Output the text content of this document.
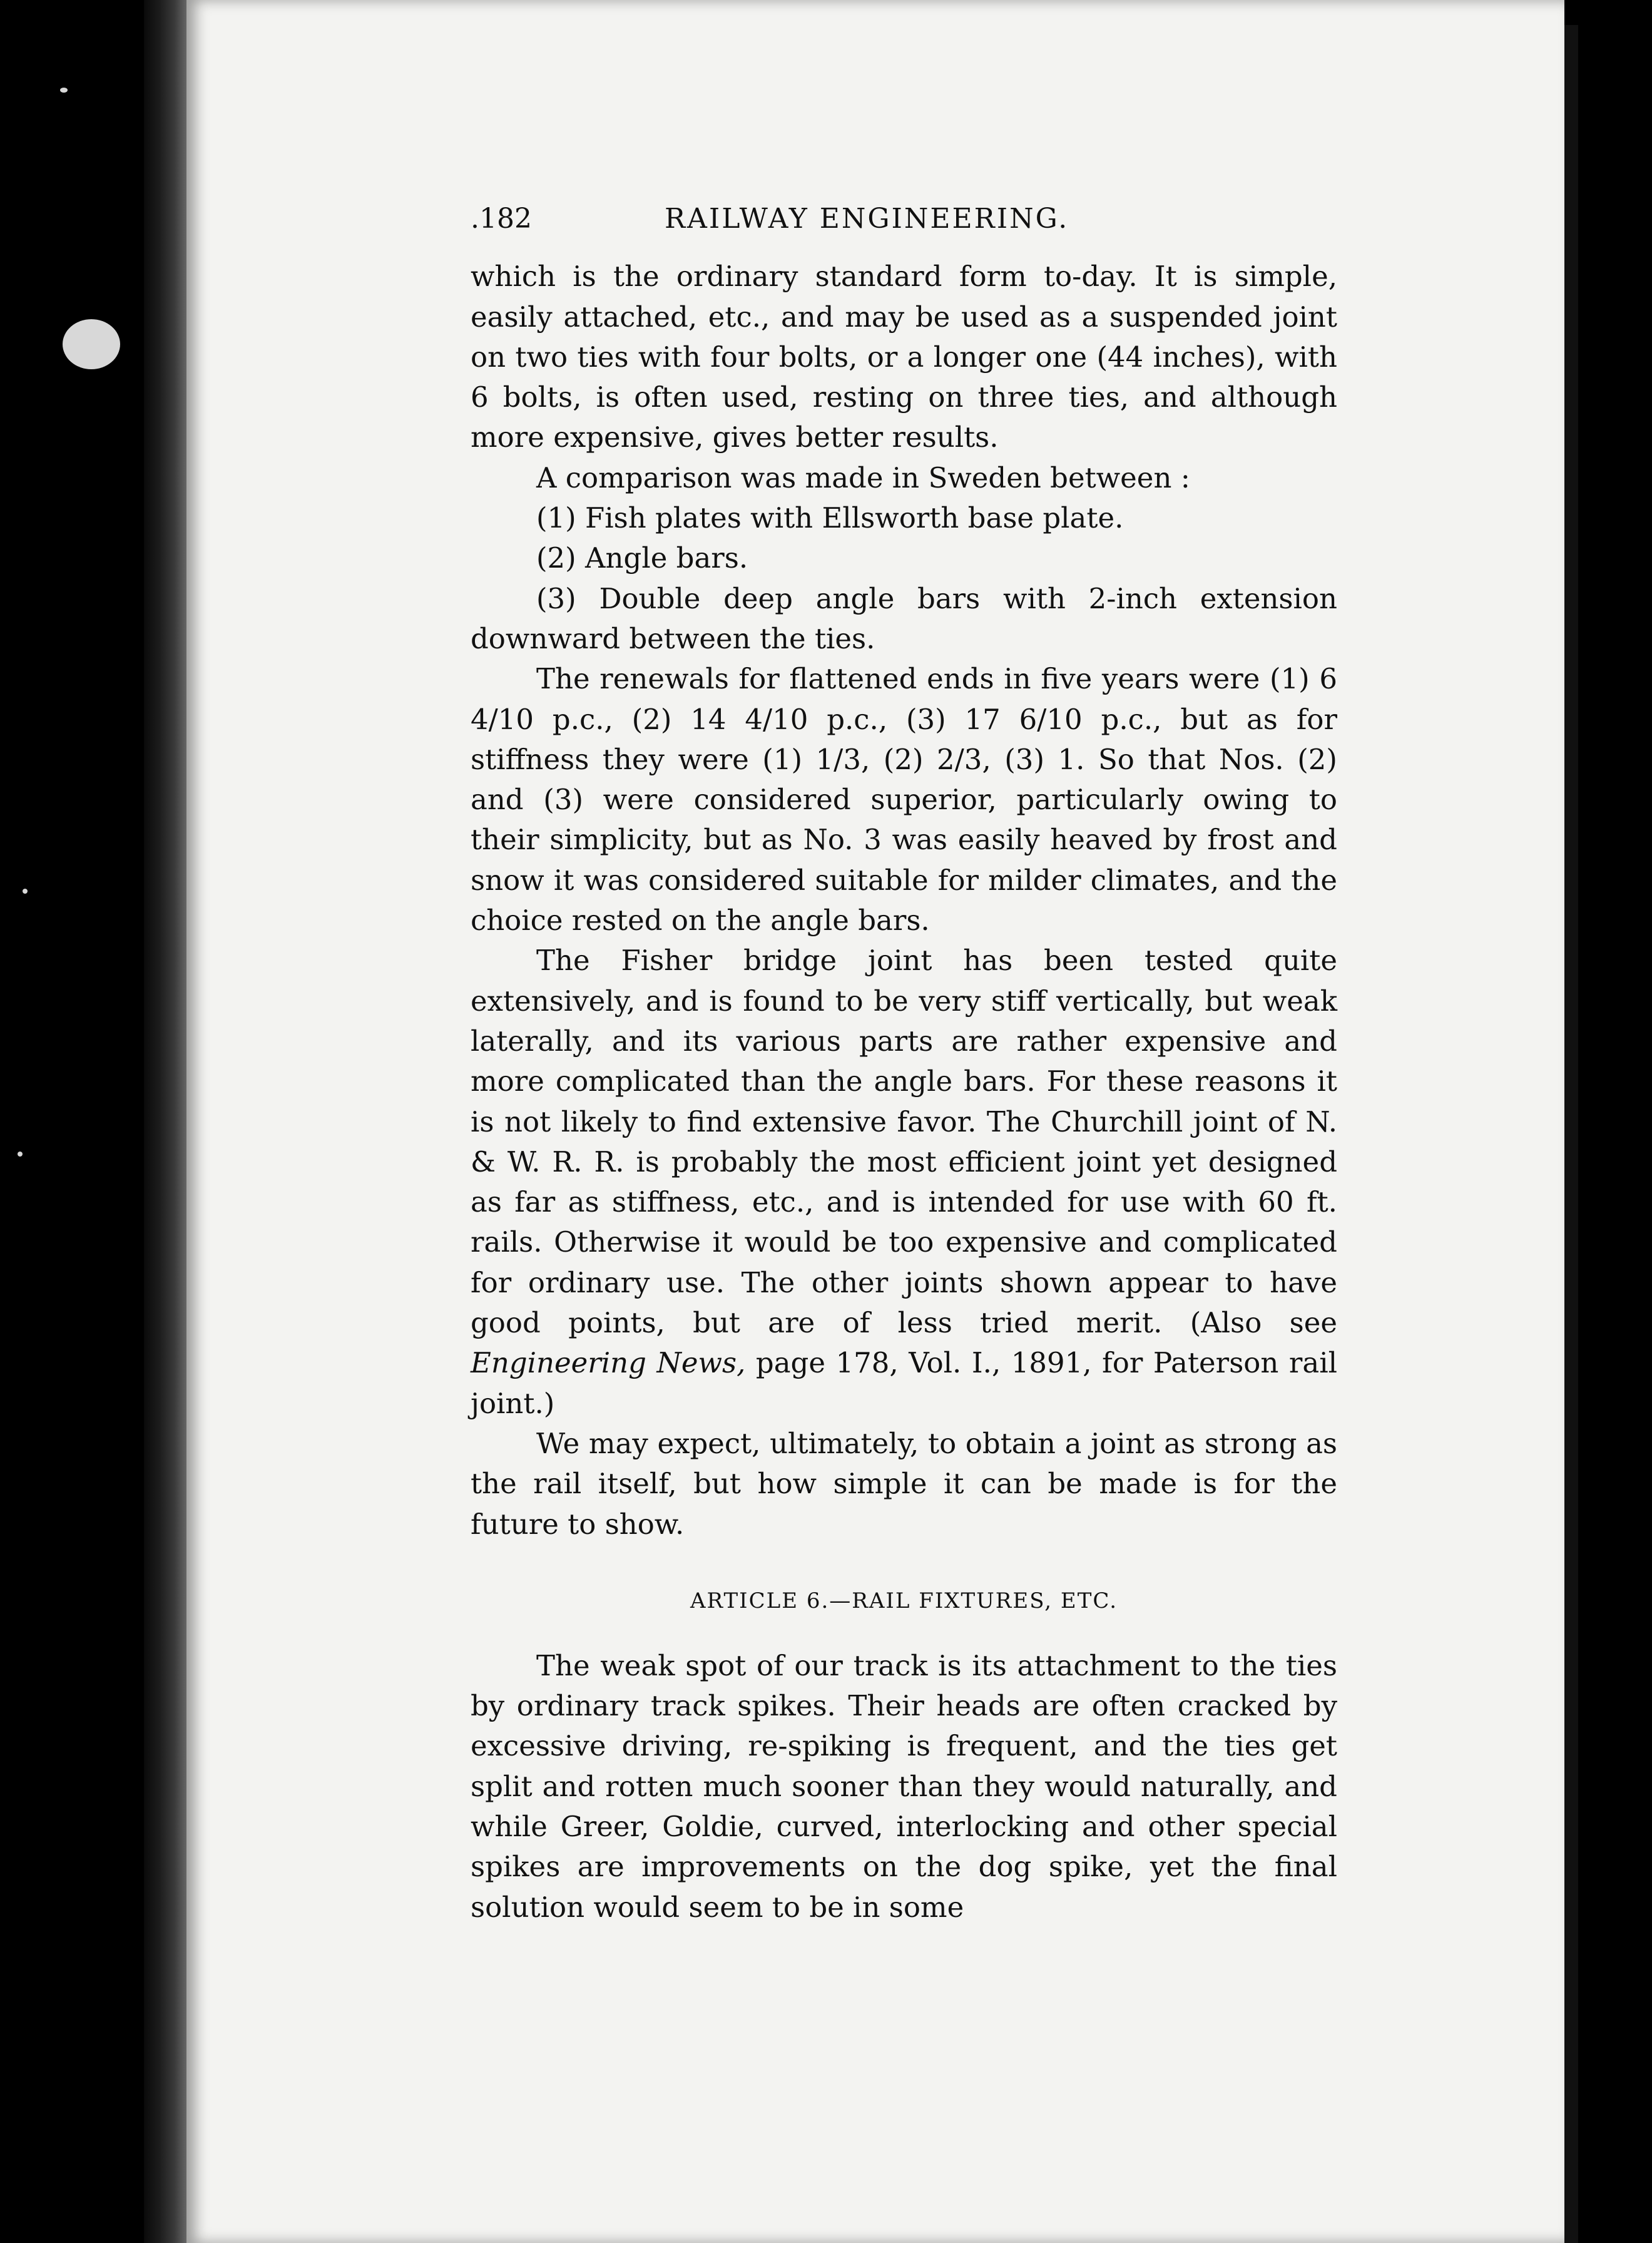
.182	RAILWAY ENGINEERING.

which is the ordinary standard form to-day. It is simple, easily attached, etc., and may be used as a suspended joint on two ties with four bolts, or a longer one (44 inches), with 6 bolts, is often used, resting on three ties, and although more expensive, gives better results.

A comparison was made in Sweden between :

(1) Fish plates with Ellsworth base plate.

(2) Angle bars.

(3) Double deep angle bars with 2-inch extension downward between the ties.

The renewals for flattened ends in five years were (1) 6 4/10 p.c., (2) 14 4/10 p.c., (3) 17 6/10 p.c., but as for stiffness they were (1) 1/3, (2) 2/3, (3) 1. So that Nos. (2) and (3) were considered superior, particularly owing to their simplicity, but as No. 3 was easily heaved by frost and snow it was considered suitable for milder climates, and the choice rested on the angle bars.

The Fisher bridge joint has been tested quite extensively, and is found to be very stiff vertically, but weak laterally, and its various parts are rather expensive and more complicated than the angle bars. For these reasons it is not likely to find extensive favor. The Churchill joint of N. & W. R. R. is probably the most efficient joint yet designed as far as stiffness, etc., and is intended for use with 60 ft. rails. Otherwise it would be too expensive and complicated for ordinary use. The other joints shown appear to have good points, but are of less tried merit. (Also see Engineering News, page 178, Vol. I., 1891, for Paterson rail joint.)

We may expect, ultimately, to obtain a joint as strong as the rail itself, but how simple it can be made is for the future to show.

ARTICLE 6.—RAIL FIXTURES, ETC.

The weak spot of our track is its attachment to the ties by ordinary track spikes. Their heads are often cracked by excessive driving, re-spiking is frequent, and the ties get split and rotten much sooner than they would naturally, and while Greer, Goldie, curved, interlocking and other special spikes are improvements on the dog spike, yet the final solution would seem to be in some
